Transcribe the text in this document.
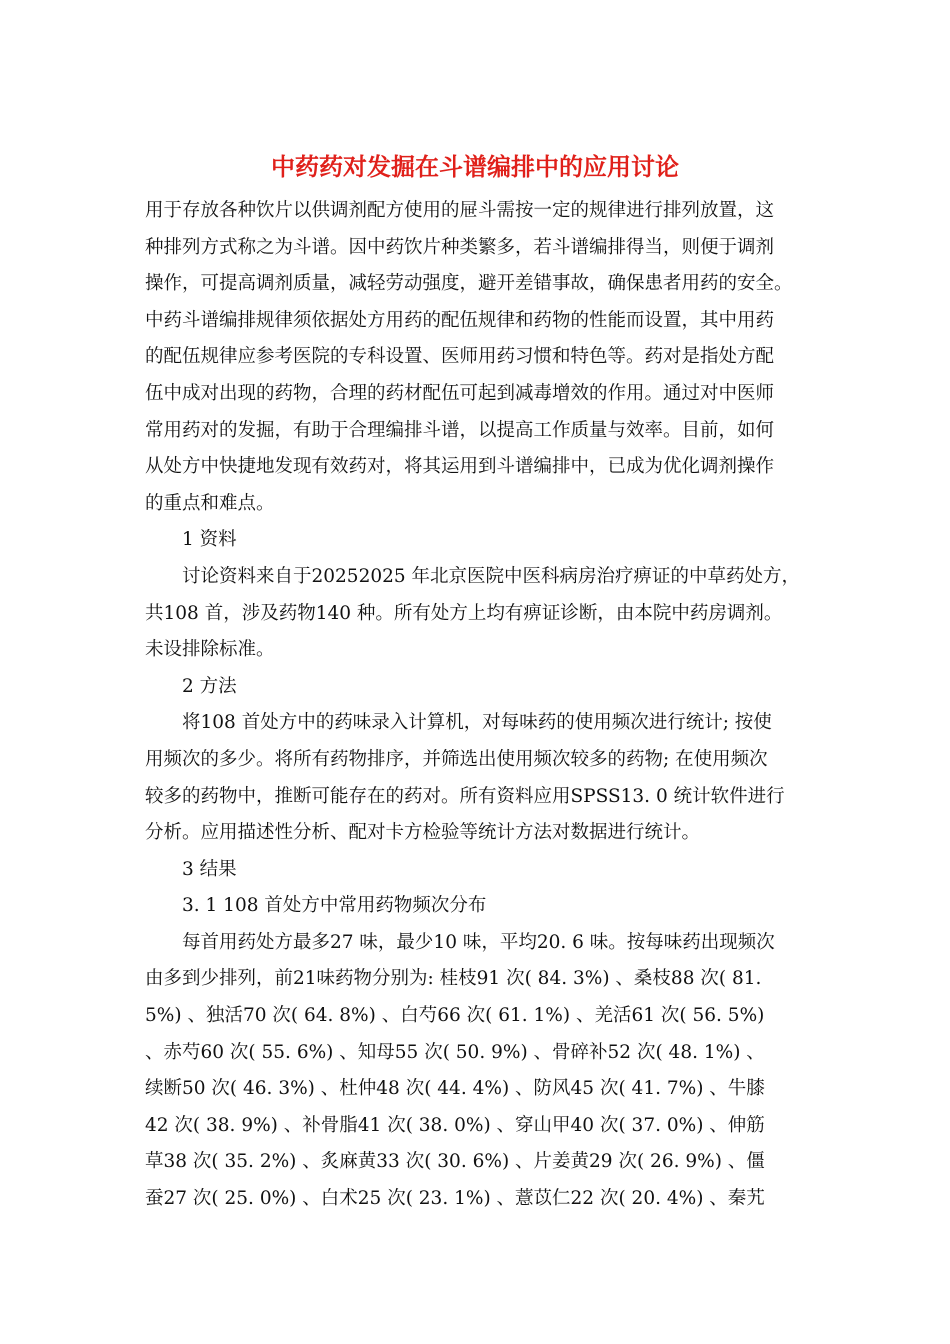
中药药对发掘在斗谱编排中的应用讨论
用于存放各种饮片以供调剂配方使用的屉斗需按一定的规律进行排列放置，这
种排列方式称之为斗谱。因中药饮片种类繁多，若斗谱编排得当，则便于调剂
操作，可提高调剂质量，减轻劳动强度，避开差错事故，确保患者用药的安全。
中药斗谱编排规律须依据处方用药的配伍规律和药物的性能而设置，其中用药
的配伍规律应参考医院的专科设置、医师用药习惯和特色等。药对是指处方配
伍中成对出现的药物，合理的药材配伍可起到减毒增效的作用。通过对中医师
常用药对的发掘，有助于合理编排斗谱，以提高工作质量与效率。目前，如何
从处方中快捷地发现有效药对，将其运用到斗谱编排中，已成为优化调剂操作
的重点和难点。
1 资料
讨论资料来自于20252025 年北京医院中医科病房治疗痹证的中草药处方，
共108 首，涉及药物140 种。所有处方上均有痹证诊断，由本院中药房调剂。
未设排除标准。
2 方法
将108 首处方中的药味录入计算机，对每味药的使用频次进行统计; 按使
用频次的多少。将所有药物排序，并筛选出使用频次较多的药物; 在使用频次
较多的药物中，推断可能存在的药对。所有资料应用SPSS13. 0 统计软件进行
分析。应用描述性分析、配对卡方检验等统计方法对数据进行统计。
3 结果
3. 1 108 首处方中常用药物频次分布
每首用药处方最多27 味，最少10 味，平均20. 6 味。按每味药出现频次
由多到少排列，前21味药物分别为: 桂枝91 次( 84. 3%) 、桑枝88 次( 81.
5%) 、独活70 次( 64. 8%) 、白芍66 次( 61. 1%) 、羌活61 次( 56. 5%)
、赤芍60 次( 55. 6%) 、知母55 次( 50. 9%) 、骨碎补52 次( 48. 1%) 、
续断50 次( 46. 3%) 、杜仲48 次( 44. 4%) 、防风45 次( 41. 7%) 、牛膝
42 次( 38. 9%) 、补骨脂41 次( 38. 0%) 、穿山甲40 次( 37. 0%) 、伸筋
草38 次( 35. 2%) 、炙麻黄33 次( 30. 6%) 、片姜黄29 次( 26. 9%) 、僵
蚕27 次( 25. 0%) 、白术25 次( 23. 1%) 、薏苡仁22 次( 20. 4%) 、秦艽
